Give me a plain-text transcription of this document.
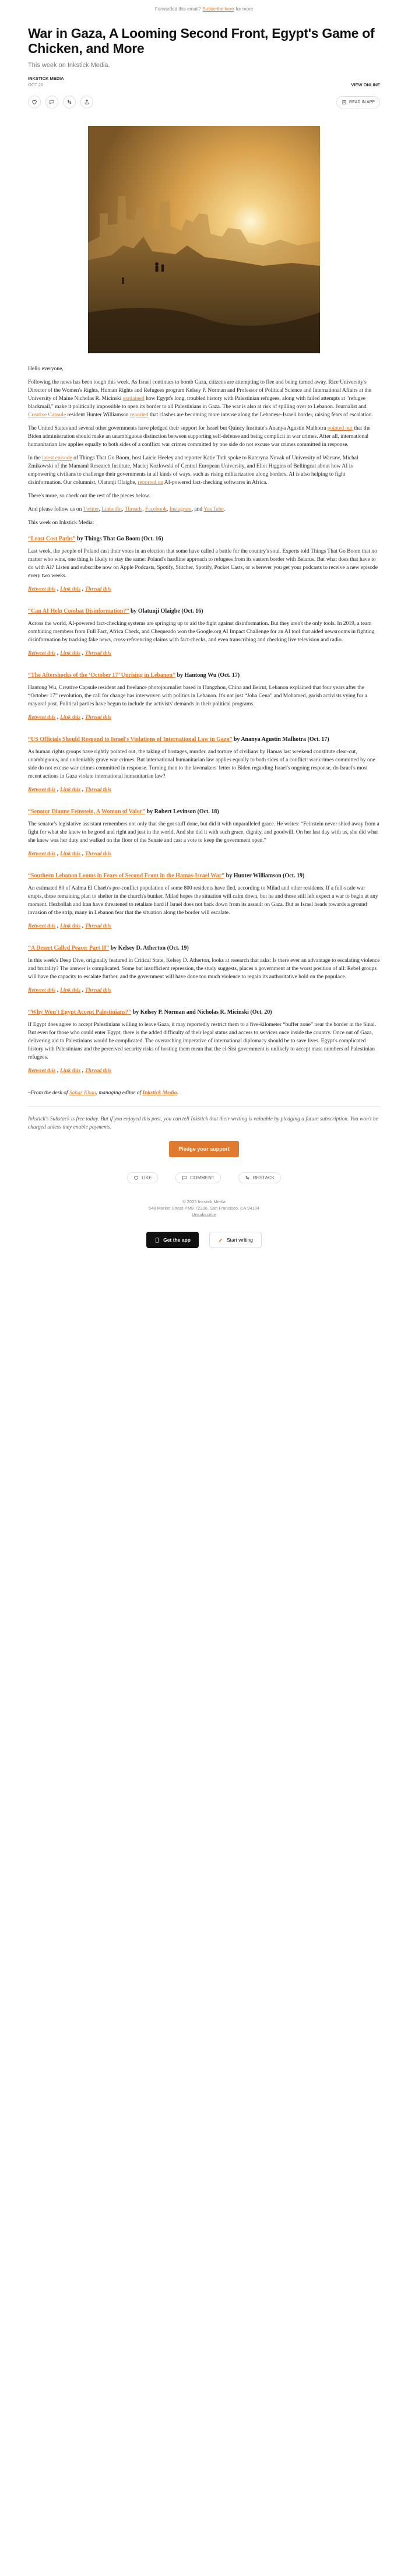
Forwarded this email? Subscribe here for more
War in Gaza, A Looming Second Front, Egypt's Game of Chicken, and More
This week on Inkstick Media.
INKSTICK MEDIA
OCT 20	VIEW ONLINE
READ IN APP

Hello everyone,

Following the news has been tough this week. As Israel continues to bomb Gaza, citizens are attempting to flee and being turned away. Rice University's Director of the Women's Rights, Human Rights and Refugees program Kelsey P. Norman and Professor of Political Science and International Affairs at the University of Maine Nicholas R. Micinski explained how Egypt's long, troubled history with Palestinian refugees, along with failed attempts at "refugee blackmail," make it politically impossible to open its border to all Palestinians in Gaza. The war is also at risk of spilling over to Lebanon. Journalist and Creative Capsule resident Hunter Williamson reported that clashes are becoming more intense along the Lebanese-Israeli border, raising fears of escalation.

The United States and several other governments have pledged their support for Israel but Quincy Institute's Ananya Agustin Malhotra pointed out that the Biden administration should make an unambiguous distinction between supporting self-defense and being complicit in war crimes. After all, international humanitarian law applies equally to both sides of a conflict: war crimes committed by one side do not excuse war crimes committed in response.

In the latest episode of Things That Go Boom, host Laicie Heeley and reporter Katie Toth spoke to Kateryna Novak of University of Warsaw, Michal Zmikowski of the Mamaml Research Institute, Maciej Kozlowski of Central European University, and Eliot Higgins of Bellingcat about how AI is empowering civilians to challenge their governments in all kinds of ways, such as rising militarization along borders. AI is also helping to fight disinformation. Our columnist, Olatunji Olaigbe, reported on AI-powered fact-checking softwares in Africa.

There's more, so check out the rest of the pieces below.

And please follow us on Twitter, LinkedIn, Threads, Facebook, Instagram, and YouTube.

This week on Inkstick Media:

“Least Cost Paths” by Things That Go Boom (Oct. 16)

Last week, the people of Poland cast their votes in an election that some have called a battle for the country's soul. Experts told Things That Go Boom that no matter who wins, one thing is likely to stay the same: Poland's hardline approach to refugees from its eastern border with Belarus. But what does that have to do with AI? Listen and subscribe now on Apple Podcasts, Spotify, Stitcher, Spotify, Pocket Casts, or wherever you get your podcasts to receive a new episode every two weeks.

Retweet this , Link this , Thread this
“Can AI Help Combat Disinformation?” by Olatunji Olaigbe (Oct. 16)

Across the world, AI-powered fact-checking systems are springing up to aid the fight against disinformation. But they aren't the only tools. In 2019, a team combining members from Full Fact, Africa Check, and Chequeado won the Google.org AI Impact Challenge for an AI tool that aided newsrooms in fighting disinformation by tracking fake news, cross-referencing claims with fact-checks, and even transcribing and checking live television and radio.

Retweet this , Link this , Thread this
“The Aftershocks of the ‘October 17’ Uprising in Lebanon” by Hantong Wu (Oct. 17)

Hantong Wu, Creative Capsule resident and freelance photojournalist based in Hangzhou, China and Beirut, Lebanon explained that four years after the “October 17” revolution, the call for change has interwoven with politics in Lebanon. It's not just “Joha Cena” and Mohamed, garish activists vying for a mayoral post. Political parties have begun to include the activists' demands in their political programs.

Retweet this , Link this , Thread this
“US Officials Should Respond to Israel's Violations of International Law in Gaza” by Ananya Agustin Malhotra (Oct. 17)

As human rights groups have rightly pointed out, the taking of hostages, murder, and torture of civilians by Hamas last weekend constitute clear-cut, unambiguous, and undeniably grave war crimes. But international humanitarian law applies equally to both sides of a conflict: war crimes committed by one side do not excuse war crimes committed in response. Turning then to the lawmakers' letter to Biden regarding Israel's ongoing response, do Israel's most recent actions in Gaza violate international humanitarian law?

Retweet this , Link this , Thread this
“Senator Dianne Feinstein, A Woman of Valor” by Robert Levinson (Oct. 18)

The senator's legislative assistant remembers not only that she got stuff done, but did it with unparalleled grace. He writes: “Feinstein never shied away from a fight for what she knew to be good and right and just in the world. And she did it with such grace, dignity, and goodwill. On her last day with us, she did what she knew was her duty and walked on the floor of the Senate and cast a vote to keep the government open.”

Retweet this , Link this , Thread this
“Southern Lebanon Looms in Fears of Second Front in the Hamas-Israel War” by Hunter Williamson (Oct. 19)

An estimated 80 of Aalma El Chaeb's pre-conflict population of some 800 residents have fled, according to Milad and other residents. If a full-scale war erupts, those remaining plan to shelter in the church's bunker. Milad hopes the situation will calm down, but he and those still left expect a war to begin at any moment. Hezbollah and Iran have threatened to retaliate hard if Israel does not back down from its assault on Gaza. But as Israel heads towards a ground invasion of the strip, many in Lebanon fear that the situation along the border will escalate.

Retweet this , Link this , Thread this
“A Desert Called Peace: Part II” by Kelsey D. Atherton (Oct. 19)

In this week's Deep Dive, originally featured in Critical State, Kelsey D. Atherton, looks at research that asks: Is there ever an advantage to escalating violence and brutality? The answer is complicated. Some but insufficient repression, the study suggests, places a government at the worst position of all: Rebel groups will have the capacity to escalate further, and the government will have done too much violence to regain its authoritative hold on the populace.

Retweet this , Link this , Thread this
“Why Won't Egypt Accept Palestinians?” by Kelsey P. Norman and Nicholas R. Micinski (Oct. 20)

If Egypt does agree to accept Palestinians willing to leave Gaza, it may reportedly restrict them to a five-kilometer “buffer zone” near the border in the Sinai. But even for those who could enter Egypt, there is the added difficulty of their legal status and access to services once inside the country. Once out of Gaza, delivering aid to Palestinians would be complicated. The overarching imperative of international diplomacy should be to save lives. Egypt's complicated history with Palestinians and the perceived security risks of hosting them mean that the el-Sisi government is unlikely to accept mass numbers of Palestinian refugees.

Retweet this , Link this , Thread this

–From the desk of Sahar Khan, managing editor of Inkstick Media.

Inkstick's Substack is free today. But if you enjoyed this post, you can tell Inkstick that their writing is valuable by pledging a future subscription. You won't be charged unless they enable payments.

Pledge your support
LIKE	COMMENT	RESTACK
© 2023 Inkstick Media
548 Market Street PMB 72296, San Francisco, CA 94104
Unsubscribe
Get the app	Start writing
